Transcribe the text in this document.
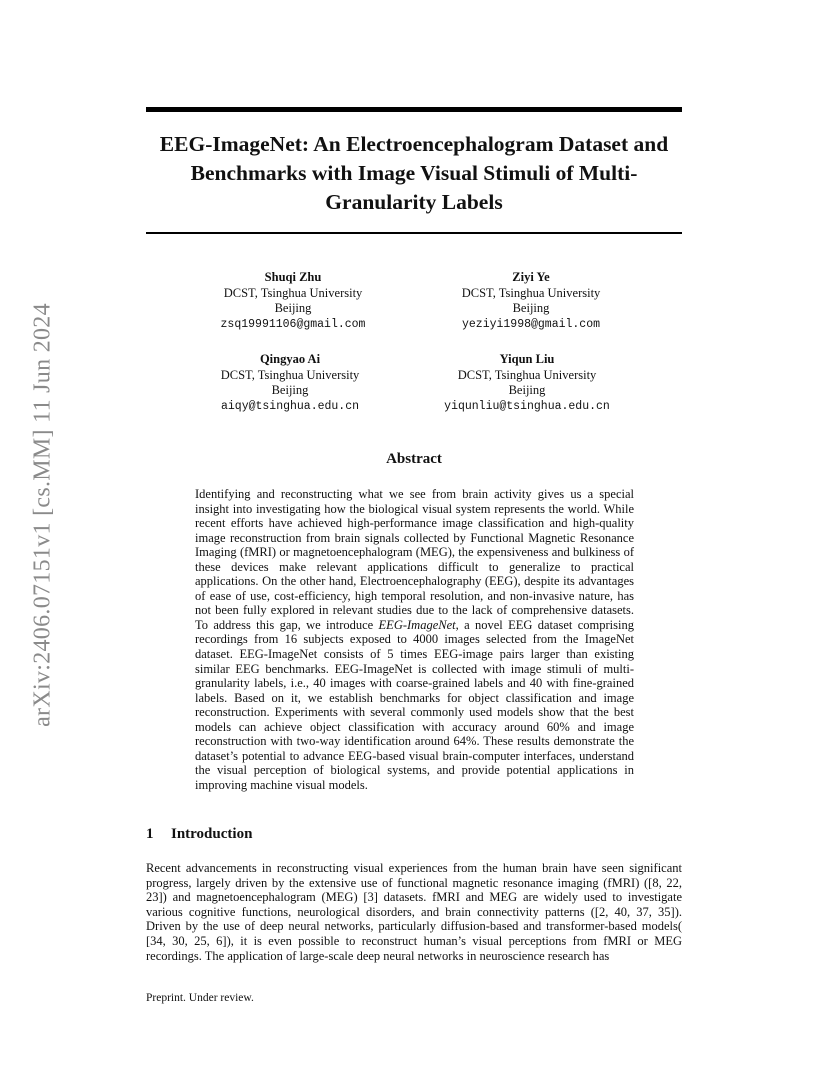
arXiv:2406.07151v1 [cs.MM] 11 Jun 2024
EEG-ImageNet: An Electroencephalogram Dataset and Benchmarks with Image Visual Stimuli of Multi-Granularity Labels
Shuqi Zhu
DCST, Tsinghua University
Beijing
zsq19991106@gmail.com
Ziyi Ye
DCST, Tsinghua University
Beijing
yeziyi1998@gmail.com
Qingyao Ai
DCST, Tsinghua University
Beijing
aiqy@tsinghua.edu.cn
Yiqun Liu
DCST, Tsinghua University
Beijing
yiqunliu@tsinghua.edu.cn
Abstract

Identifying and reconstructing what we see from brain activity gives us a special insight into investigating how the biological visual system represents the world. While recent efforts have achieved high-performance image classification and high-quality image reconstruction from brain signals collected by Functional Magnetic Resonance Imaging (fMRI) or magnetoencephalogram (MEG), the expensiveness and bulkiness of these devices make relevant applications difficult to generalize to practical applications. On the other hand, Electroencephalography (EEG), despite its advantages of ease of use, cost-efficiency, high temporal resolution, and non-invasive nature, has not been fully explored in relevant studies due to the lack of comprehensive datasets. To address this gap, we introduce EEG-ImageNet, a novel EEG dataset comprising recordings from 16 subjects exposed to 4000 images selected from the ImageNet dataset. EEG-ImageNet consists of 5 times EEG-image pairs larger than existing similar EEG benchmarks. EEG-ImageNet is collected with image stimuli of multi-granularity labels, i.e., 40 images with coarse-grained labels and 40 with fine-grained labels. Based on it, we establish benchmarks for object classification and image reconstruction. Experiments with several commonly used models show that the best models can achieve object classification with accuracy around 60% and image reconstruction with two-way identification around 64%. These results demonstrate the dataset’s potential to advance EEG-based visual brain-computer interfaces, understand the visual perception of biological systems, and provide potential applications in improving machine visual models.

1 Introduction

Recent advancements in reconstructing visual experiences from the human brain have seen significant progress, largely driven by the extensive use of functional magnetic resonance imaging (fMRI) ([8, 22, 23]) and magnetoencephalogram (MEG) [3] datasets. fMRI and MEG are widely used to investigate various cognitive functions, neurological disorders, and brain connectivity patterns ([2, 40, 37, 35]). Driven by the use of deep neural networks, particularly diffusion-based and transformer-based models( [34, 30, 25, 6]), it is even possible to reconstruct human’s visual perceptions from fMRI or MEG recordings. The application of large-scale deep neural networks in neuroscience research has

Preprint. Under review.
